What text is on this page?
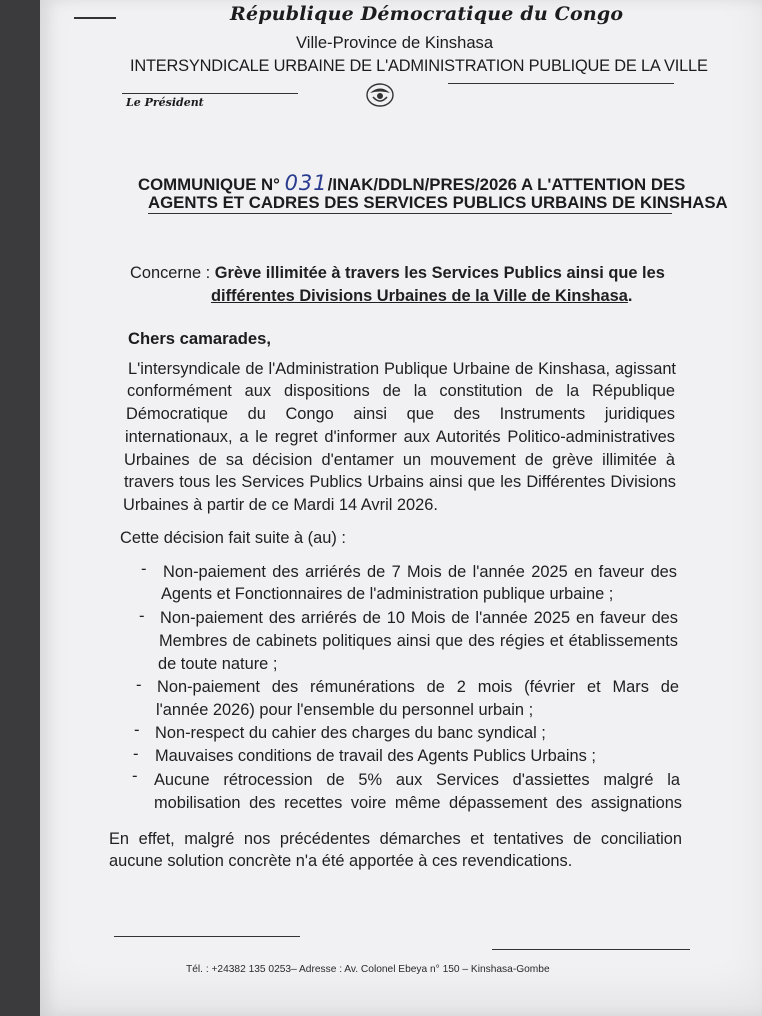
République Démocratique du Congo
Ville-Province de Kinshasa
INTERSYNDICALE URBAINE DE L'ADMINISTRATION PUBLIQUE DE LA VILLE
Le Président
COMMUNIQUE N° 031/INAK/DDLN/PRES/2026 A L'ATTENTION DES
AGENTS ET CADRES DES SERVICES PUBLICS URBAINS DE KINSHASA
Concerne : Grève illimitée à travers les Services Publics ainsi que les
différentes Divisions Urbaines de la Ville de Kinshasa.
Chers camarades,
L'intersyndicale de l'Administration Publique Urbaine de Kinshasa, agissant
conformément aux dispositions de la constitution de la République
Démocratique du Congo ainsi que des Instruments juridiques
internationaux, a le regret d'informer aux Autorités Politico-administratives
Urbaines de sa décision d'entamer un mouvement de grève illimitée à
travers tous les Services Publics Urbains ainsi que les Différentes Divisions
Urbaines à partir de ce Mardi 14 Avril 2026.
Cette décision fait suite à (au) :
- Non-paiement des arriérés de 7 Mois de l'année 2025 en faveur des
Agents et Fonctionnaires de l'administration publique urbaine ;
- Non-paiement des arriérés de 10 Mois de l'année 2025 en faveur des
Membres de cabinets politiques ainsi que des régies et établissements
de toute nature ;
- Non-paiement des rémunérations de 2 mois (février et Mars de
l'année 2026) pour l'ensemble du personnel urbain ;
- Non-respect du cahier des charges du banc syndical ;
- Mauvaises conditions de travail des Agents Publics Urbains ;
- Aucune rétrocession de 5% aux Services d'assiettes malgré la
mobilisation des recettes voire même dépassement des assignations
En effet, malgré nos précédentes démarches et tentatives de conciliation
aucune solution concrète n'a été apportée à ces revendications.
Tél. : +24382 135 0253– Adresse : Av. Colonel Ebeya n° 150 – Kinshasa-Gombe
